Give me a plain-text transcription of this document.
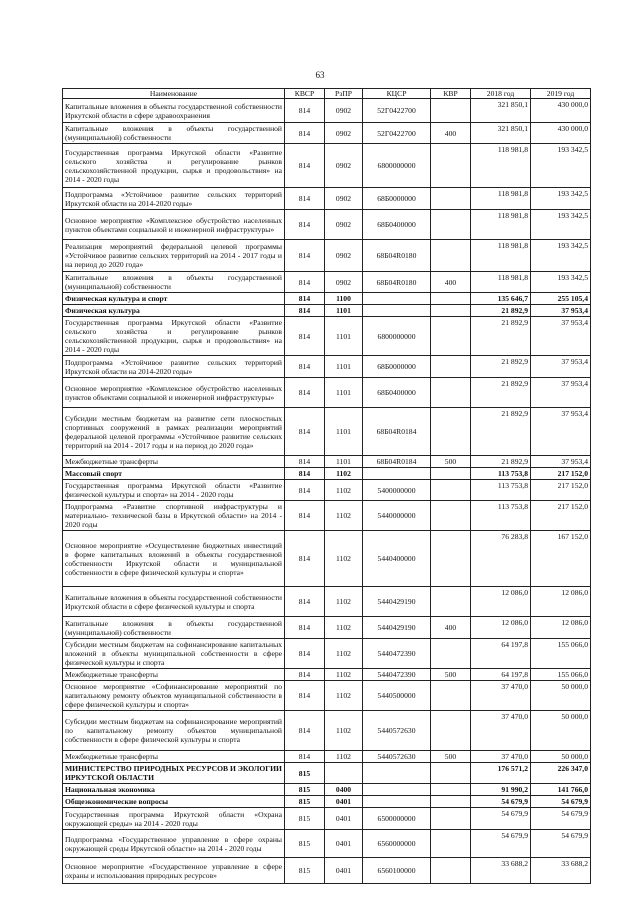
63
Наименование	КВСР	РзПР	КЦСР	КВР	2018 год	2019 год
Капитальные вложения в объекты государственной собственности Иркутской области в сфере здравоохранения	814	0902	52Г0422700		321 850,1	430 000,0
Капитальные вложения в объекты государственной (муниципальной) собственности	814	0902	52Г0422700	400	321 850,1	430 000,0
Государственная программа Иркутской области «Развитие сельского хозяйства и регулирование рынков сельскохозяйственной продукции, сырья и продовольствия» на 2014 - 2020 годы	814	0902	6800000000		118 981,8	193 342,5
Подпрограмма «Устойчивое развитие сельских территорий Иркутской области на 2014-2020 годы»	814	0902	68Б0000000		118 981,8	193 342,5
Основное мероприятие «Комплексное обустройство населенных пунктов объектами социальной и инженерной инфраструктуры»	814	0902	68Б0400000		118 981,8	193 342,5
Реализация мероприятий федеральной целевой программы «Устойчивое развитие сельских территорий на 2014 - 2017 годы и на период до 2020 года»	814	0902	68Б04R0180		118 981,8	193 342,5
Капитальные вложения в объекты государственной (муниципальной) собственности	814	0902	68Б04R0180	400	118 981,8	193 342,5
Физическая культура и спорт	814	1100			135 646,7	255 105,4
Физическая культура	814	1101			21 892,9	37 953,4
Государственная программа Иркутской области «Развитие сельского хозяйства и регулирование рынков сельскохозяйственной продукции, сырья и продовольствия» на 2014 - 2020 годы	814	1101	6800000000		21 892,9	37 953,4
Подпрограмма «Устойчивое развитие сельских территорий Иркутской области на 2014-2020 годы»	814	1101	68Б0000000		21 892,9	37 953,4
Основное мероприятие «Комплексное обустройство населенных пунктов объектами социальной и инженерной инфраструктуры»	814	1101	68Б0400000		21 892,9	37 953,4
Субсидии местным бюджетам на развитие сети плоскостных спортивных сооружений в рамках реализации мероприятий федеральной целевой программы «Устойчивое развитие сельских территорий на 2014 - 2017 годы и на период до 2020 года»	814	1101	68Б04R0184		21 892,9	37 953,4
Межбюджетные трансферты	814	1101	68Б04R0184	500	21 892,9	37 953,4
Массовый спорт	814	1102			113 753,8	217 152,0
Государственная программа Иркутской области «Развитие физической культуры и спорта» на 2014 - 2020 годы	814	1102	5400000000		113 753,8	217 152,0
Подпрограмма «Развитие спортивной инфраструктуры и материально- технической базы в Иркутской области» на 2014 - 2020 годы	814	1102	5440000000		113 753,8	217 152,0
Основное мероприятие «Осуществление бюджетных инвестиций в форме капитальных вложений в объекты государственной собственности Иркутской области и муниципальной собственности в сфере физической культуры и спорта»	814	1102	5440400000		76 283,8	167 152,0
Капитальные вложения в объекты государственной собственности Иркутской области в сфере физической культуры и спорта	814	1102	5440429190		12 086,0	12 086,0
Капитальные вложения в объекты государственной (муниципальной) собственности	814	1102	5440429190	400	12 086,0	12 086,0
Субсидии местным бюджетам на софинансирование капитальных вложений в объекты муниципальной собственности в сфере физической культуры и спорта	814	1102	5440472390		64 197,8	155 066,0
Межбюджетные трансферты	814	1102	5440472390	500	64 197,8	155 066,0
Основное мероприятие «Софинансирование мероприятий по капитальному ремонту объектов муниципальной собственности в сфере физической культуры и спорта»	814	1102	5440500000		37 470,0	50 000,0
Субсидии местным бюджетам на софинансирование мероприятий по капитальному ремонту объектов муниципальной собственности в сфере физической культуры и спорта	814	1102	5440572630		37 470,0	50 000,0
Межбюджетные трансферты	814	1102	5440572630	500	37 470,0	50 000,0
МИНИСТЕРСТВО ПРИРОДНЫХ РЕСУРСОВ И ЭКОЛОГИИ ИРКУТСКОЙ ОБЛАСТИ	815				176 571,2	226 347,0
Национальная экономика	815	0400			91 990,2	141 766,0
Общеэкономические вопросы	815	0401			54 679,9	54 679,9
Государственная программа Иркутской области «Охрана окружающей среды» на 2014 - 2020 годы	815	0401	6500000000		54 679,9	54 679,9
Подпрограмма «Государственное управление в сфере охраны окружающей среды Иркутской области» на 2014 - 2020 годы	815	0401	6560000000		54 679,9	54 679,9
Основное мероприятие «Государственное управление в сфере охраны и использования природных ресурсов»	815	0401	6560100000		33 688,2	33 688,2
